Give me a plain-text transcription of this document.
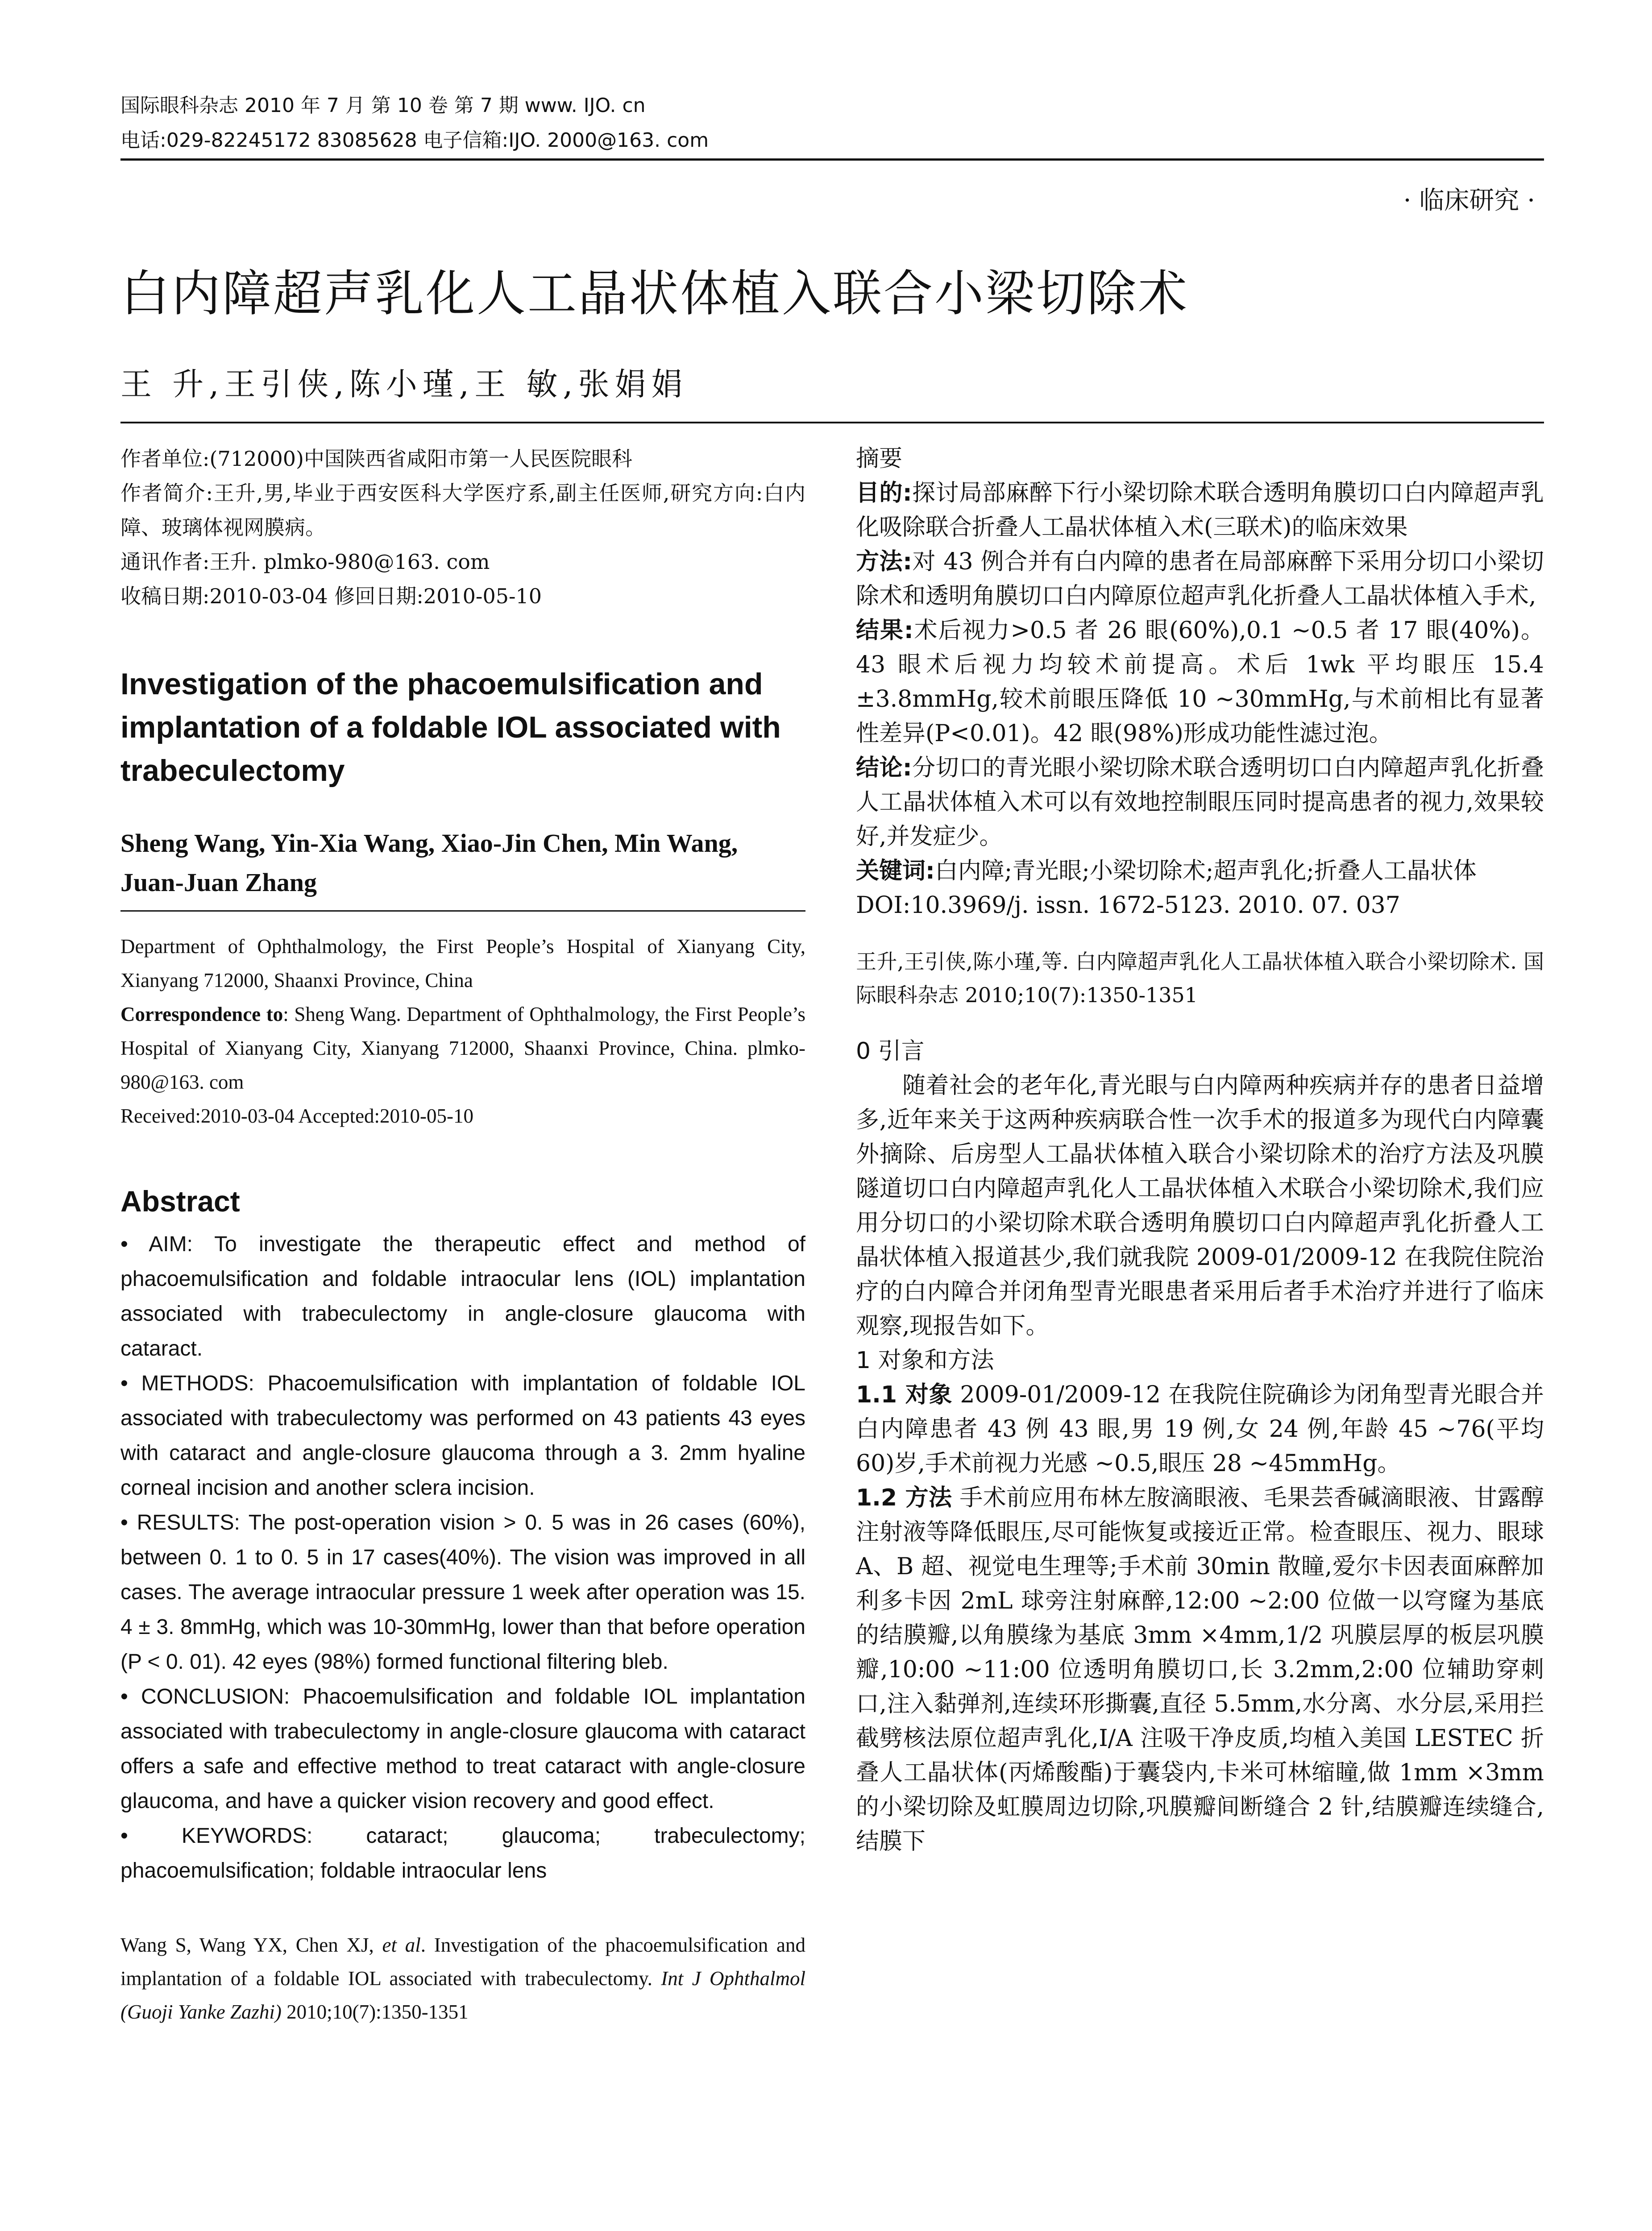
国际眼科杂志 2010 年 7 月 第 10 卷 第 7 期 www. IJO. cn
电话:029-82245172 83085628 电子信箱:IJO. 2000@163. com
· 临床研究 ·
白内障超声乳化人工晶状体植入联合小梁切除术
王 升,王引侠,陈小瑾,王 敏,张娟娟

作者单位:(712000)中国陕西省咸阳市第一人民医院眼科

作者简介:王升,男,毕业于西安医科大学医疗系,副主任医师,研究方向:白内障、玻璃体视网膜病。

通讯作者:王升. plmko-980@163. com

收稿日期:2010-03-04 修回日期:2010-05-10

Investigation of the phacoemulsification and implantation of a foldable IOL associated with trabeculectomy

Sheng Wang, Yin-Xia Wang, Xiao-Jin Chen, Min Wang, Juan-Juan Zhang

Department of Ophthalmology, the First People’s Hospital of Xianyang City, Xianyang 712000, Shaanxi Province, China

Correspondence to: Sheng Wang. Department of Ophthalmology, the First People’s Hospital of Xianyang City, Xianyang 712000, Shaanxi Province, China. plmko-980@163. com

Received:2010-03-04 Accepted:2010-05-10

Abstract

• AIM: To investigate the therapeutic effect and method of phacoemulsification and foldable intraocular lens (IOL) implantation associated with trabeculectomy in angle-closure glaucoma with cataract.

• METHODS: Phacoemulsification with implantation of foldable IOL associated with trabeculectomy was performed on 43 patients 43 eyes with cataract and angle-closure glaucoma through a 3. 2mm hyaline corneal incision and another sclera incision.

• RESULTS: The post-operation vision > 0. 5 was in 26 cases (60%), between 0. 1 to 0. 5 in 17 cases(40%). The vision was improved in all cases. The average intraocular pressure 1 week after operation was 15. 4 ± 3. 8mmHg, which was 10-30mmHg, lower than that before operation (P < 0. 01). 42 eyes (98%) formed functional filtering bleb.

• CONCLUSION: Phacoemulsification and foldable IOL implantation associated with trabeculectomy in angle-closure glaucoma with cataract offers a safe and effective method to treat cataract with angle-closure glaucoma, and have a quicker vision recovery and good effect.

• KEYWORDS: cataract; glaucoma; trabeculectomy; phacoemulsification; foldable intraocular lens

Wang S, Wang YX, Chen XJ, et al. Investigation of the phacoemulsification and implantation of a foldable IOL associated with trabeculectomy. Int J Ophthalmol (Guoji Yanke Zazhi) 2010;10(7):1350-1351

摘要

目的:探讨局部麻醉下行小梁切除术联合透明角膜切口白内障超声乳化吸除联合折叠人工晶状体植入术(三联术)的临床效果

方法:对 43 例合并有白内障的患者在局部麻醉下采用分切口小梁切除术和透明角膜切口白内障原位超声乳化折叠人工晶状体植入手术,

结果:术后视力>0.5 者 26 眼(60%),0.1 ~0.5 者 17 眼(40%)。43 眼术后视力均较术前提高。术后 1wk 平均眼压 15.4 ±3.8mmHg,较术前眼压降低 10 ~30mmHg,与术前相比有显著性差异(P<0.01)。42 眼(98%)形成功能性滤过泡。

结论:分切口的青光眼小梁切除术联合透明切口白内障超声乳化折叠人工晶状体植入术可以有效地控制眼压同时提高患者的视力,效果较好,并发症少。

关键词:白内障;青光眼;小梁切除术;超声乳化;折叠人工晶状体

DOI:10.3969/j. issn. 1672-5123. 2010. 07. 037

王升,王引侠,陈小瑾,等. 白内障超声乳化人工晶状体植入联合小梁切除术. 国际眼科杂志 2010;10(7):1350-1351

0 引言

随着社会的老年化,青光眼与白内障两种疾病并存的患者日益增多,近年来关于这两种疾病联合性一次手术的报道多为现代白内障囊外摘除、后房型人工晶状体植入联合小梁切除术的治疗方法及巩膜隧道切口白内障超声乳化人工晶状体植入术联合小梁切除术,我们应用分切口的小梁切除术联合透明角膜切口白内障超声乳化折叠人工晶状体植入报道甚少,我们就我院 2009-01/2009-12 在我院住院治疗的白内障合并闭角型青光眼患者采用后者手术治疗并进行了临床观察,现报告如下。

1 对象和方法

1.1 对象 2009-01/2009-12 在我院住院确诊为闭角型青光眼合并白内障患者 43 例 43 眼,男 19 例,女 24 例,年龄 45 ~76(平均 60)岁,手术前视力光感 ~0.5,眼压 28 ~45mmHg。

1.2 方法 手术前应用布林左胺滴眼液、毛果芸香碱滴眼液、甘露醇注射液等降低眼压,尽可能恢复或接近正常。检查眼压、视力、眼球 A、B 超、视觉电生理等;手术前 30min 散瞳,爱尔卡因表面麻醉加利多卡因 2mL 球旁注射麻醉,12:00 ~2:00 位做一以穹窿为基底的结膜瓣,以角膜缘为基底 3mm ×4mm,1/2 巩膜层厚的板层巩膜瓣,10:00 ~11:00 位透明角膜切口,长 3.2mm,2:00 位辅助穿刺口,注入黏弹剂,连续环形撕囊,直径 5.5mm,水分离、水分层,采用拦截劈核法原位超声乳化,I/A 注吸干净皮质,均植入美国 LESTEC 折叠人工晶状体(丙烯酸酯)于囊袋内,卡米可林缩瞳,做 1mm ×3mm 的小梁切除及虹膜周边切除,巩膜瓣间断缝合 2 针,结膜瓣连续缝合,结膜下
